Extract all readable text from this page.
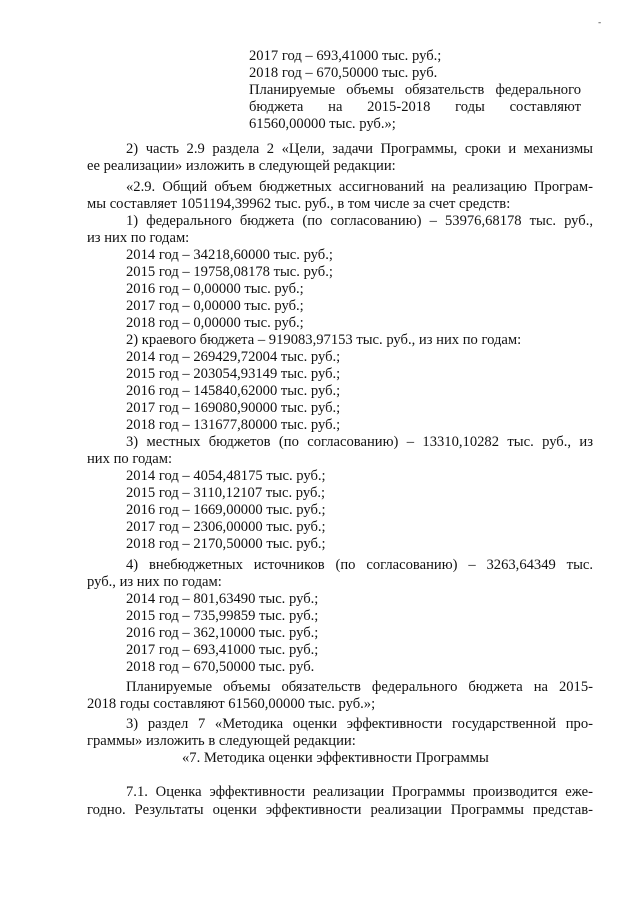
-
2017 год – 693,41000 тыс. руб.;
2018 год – 670,50000 тыс. руб.
Планируемые объемы обязательств федерального
бюджета на 2015-2018 годы составляют
61560,00000 тыс. руб.»;
2) часть 2.9 раздела 2 «Цели, задачи Программы, сроки и механизмы
ее реализации» изложить в следующей редакции:
«2.9. Общий объем бюджетных ассигнований на реализацию Програм-
мы составляет 1051194,39962 тыс. руб., в том числе за счет средств:
1) федерального бюджета (по согласованию) – 53976,68178 тыс. руб.,
из них по годам:
2014 год – 34218,60000 тыс. руб.;
2015 год – 19758,08178 тыс. руб.;
2016 год – 0,00000 тыс. руб.;
2017 год – 0,00000 тыс. руб.;
2018 год – 0,00000 тыс. руб.;
2) краевого бюджета – 919083,97153 тыс. руб., из них по годам:
2014 год – 269429,72004 тыс. руб.;
2015 год – 203054,93149 тыс. руб.;
2016 год – 145840,62000 тыс. руб.;
2017 год – 169080,90000 тыс. руб.;
2018 год – 131677,80000 тыс. руб.;
3) местных бюджетов (по согласованию) – 13310,10282 тыс. руб., из
них по годам:
2014 год – 4054,48175 тыс. руб.;
2015 год – 3110,12107 тыс. руб.;
2016 год – 1669,00000 тыс. руб.;
2017 год – 2306,00000 тыс. руб.;
2018 год – 2170,50000 тыс. руб.;
4) внебюджетных источников (по согласованию) – 3263,64349 тыс.
руб., из них по годам:
2014 год – 801,63490 тыс. руб.;
2015 год – 735,99859 тыс. руб.;
2016 год – 362,10000 тыс. руб.;
2017 год – 693,41000 тыс. руб.;
2018 год – 670,50000 тыс. руб.
Планируемые объемы обязательств федерального бюджета на 2015-
2018 годы составляют 61560,00000 тыс. руб.»;
3) раздел 7 «Методика оценки эффективности государственной про-
граммы» изложить в следующей редакции:
«7. Методика оценки эффективности Программы
7.1. Оценка эффективности реализации Программы производится еже-
годно. Результаты оценки эффективности реализации Программы представ-
